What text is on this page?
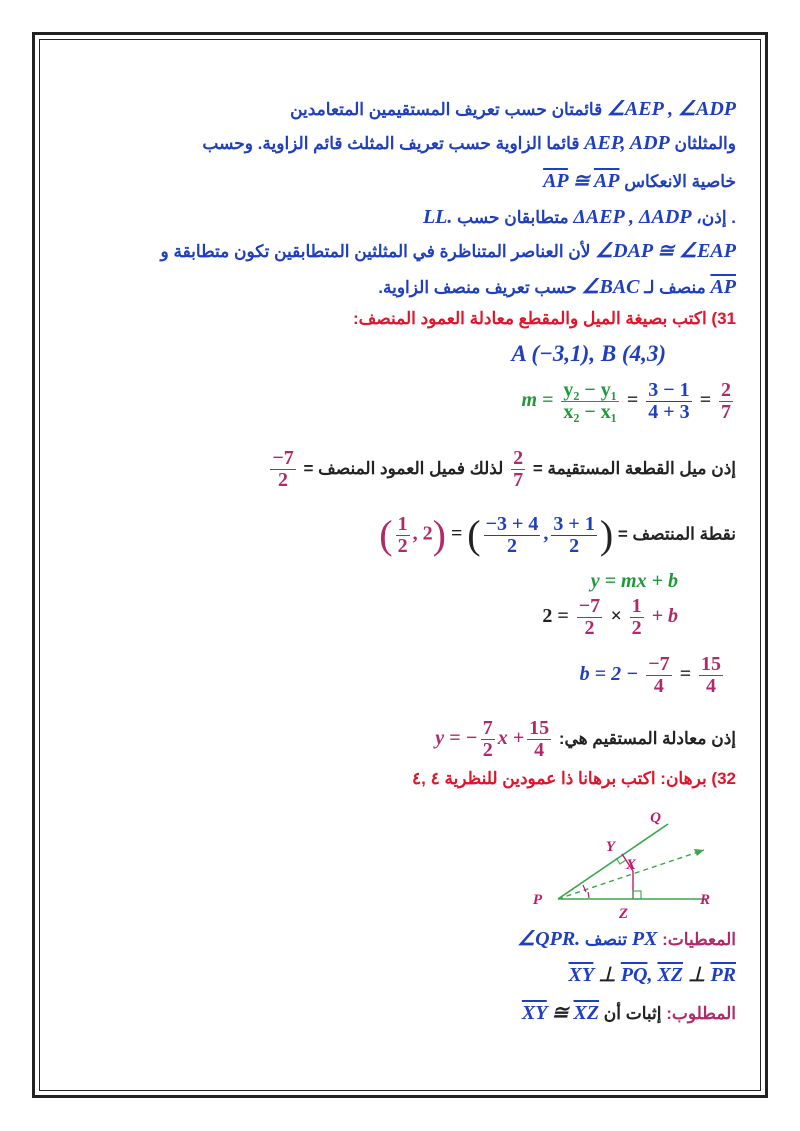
∠AEP , ∠ADP قائمتان حسب تعريف المستقيمين المتعامدين
والمثلثان AEP, ADP قائما الزاوية حسب تعريف المثلث قائم الزاوية. وحسب
خاصية الانعكاس $\overline{AP}$ ≅ $\overline{AP}$
. إذن، ΔAEP , ΔADP متطابقان حسب LL.
∠DAP ≅ ∠EAP لأن العناصر المتناظرة في المثلثين المتطابقين تكون متطابقة و
$\overline{AP}$ منصف لـ ∠BAC حسب تعريف منصف الزاوية.
31) اكتب بصيغة الميل والمقطع معادلة العمود المنصف:
A (−3,1), B (4,3)
$m = \frac{\text{y₂ − y₁}}{\text{x₂ − x₁}} = \frac{3 - 1}{4 + 3} = \frac{2}{7}$
إذن ميل القطعة المستقيمة =
$\frac{2}{7}$
لذلك فميل العمود المنصف =
$\frac{-7}{2}$
نقطة المنتصف = ( $\frac{1}{2}$ , 2) = ( $\frac{-3 + 4}{2}$ , $\frac{3 + 1}{2}$ )
y = mx + b
$2 = \frac{-7}{2} \times \frac{1}{2} + b$
$b = 2 - \frac{-7}{4} = \frac{15}{4}$
إذن معادلة المستقيم هي: y = − $\frac{7}{2}$ $x + \frac{15}{4}$
32) برهان: اكتب برهانا ذا عمودين للنظرية ٤ ,٤
Q
Y
X
P
Z
R
المعطيات: PX تنصف ∠QPR.
$\overline{XY}$ ⊥ $\overline{PQ}$, $\overline{XZ}$ ⊥ $\overline{PR}$
المطلوب: إثبات أن $\overline{XY}$ ≅ $\overline{XZ}$
